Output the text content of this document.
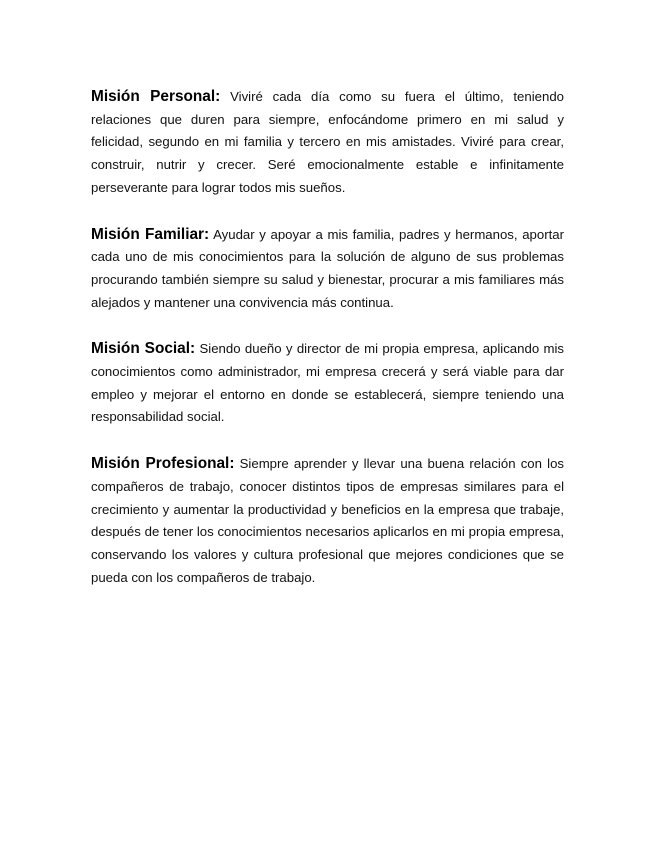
Misión Personal: Viviré cada día como su fuera el último, teniendo relaciones que duren para siempre, enfocándome primero en mi salud y felicidad, segundo en mi familia y tercero en mis amistades. Viviré para crear, construir, nutrir y crecer. Seré emocionalmente estable e infinitamente perseverante para lograr todos mis sueños.

Misión Familiar: Ayudar y apoyar a mis familia, padres y hermanos, aportar cada uno de mis conocimientos para la solución de alguno de sus problemas procurando también siempre su salud y bienestar, procurar a mis familiares más alejados y mantener una convivencia más continua.

Misión Social: Siendo dueño y director de mi propia empresa, aplicando mis conocimientos como administrador, mi empresa crecerá y será viable para dar empleo y mejorar el entorno en donde se establecerá, siempre teniendo una responsabilidad social.

Misión Profesional: Siempre aprender y llevar una buena relación con los compañeros de trabajo, conocer distintos tipos de empresas similares para el crecimiento y aumentar la productividad y beneficios en la empresa que trabaje, después de tener los conocimientos necesarios aplicarlos en mi propia empresa, conservando los valores y cultura profesional que mejores condiciones que se pueda con los compañeros de trabajo.
